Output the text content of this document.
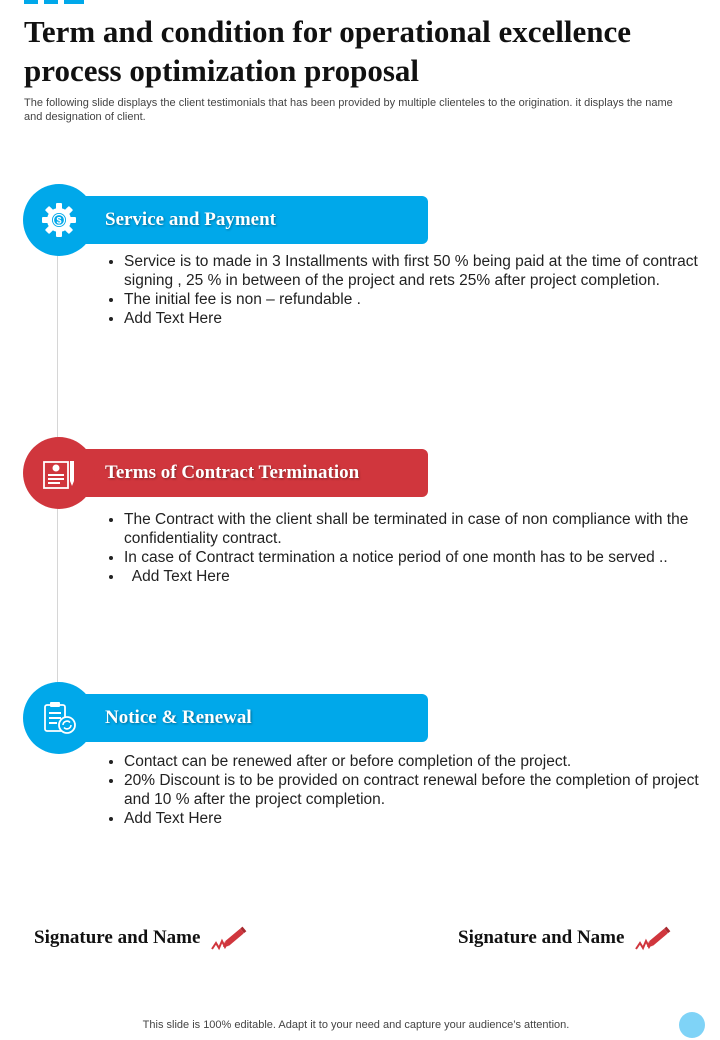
Term and condition for operational excellence process optimization proposal

The following slide displays the client testimonials that has been provided by multiple clienteles to the origination. it displays the name and designation of client.

$ Service and Payment
• Service is to made in 3 Installments with first 50 % being paid at the time of contract signing , 25 % in between of the project and rets 25% after project completion.
• The initial fee is non – refundable .
• Add Text Here
Terms of Contract Termination
• The Contract with the client shall be terminated in case of non compliance with the confidentiality contract.
• In case of Contract termination a notice period of one month has to be served ..
•   Add Text Here
Notice & Renewal
• Contact can be renewed after or before completion of the project.
• 20% Discount is to be provided on contract renewal before the completion of project and 10 % after the project completion.
• Add Text Here
Signature and Name	Signature and Name
This slide is 100% editable. Adapt it to your need and capture your audience’s attention.
